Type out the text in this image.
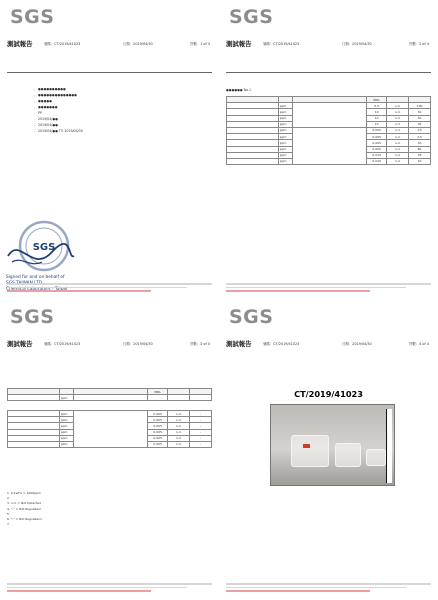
SGS
測試報告	號碼：CT/2019/41023	日期：2019/04/30	頁數：1 of 4
： ●●●●●●●●●●
： ●●●●●●●●●●●●●●
： ●●●●●
： ●●●●●●●
： PP
： 2019/04/●●
： 2019/04/●●
： 2019/04/●● TO 2019/04/30
SGS
Signed for and on behalf of
SGS
測試報告	號碼：CT/2019/41023	日期：2019/04/30	頁數：2 of 4
●●●●●● No.1
			MDL		
	ppm		0.5	n.d.	100
	ppm		10	n.d.	30
	ppm		10	n.d.	30
	ppm		10	n.d.	30
	ppm		0.005	n.d.	1.5
	ppm		0.005	n.d.	2.5
	ppm		0.005	n.d.	30
	ppm		0.005	n.d.	60
	ppm		0.010	n.d.	18
	ppm		0.010	n.d.	10
SGS
測試報告	號碼：CT/2019/41023	日期：2019/04/30	頁數：3 of 4
			MDL		
	ppm				
	ppm		0.005	n.d.	-
	ppm		0.005	n.d.	-
	ppm		0.005	n.d.	-
	ppm		0.005	n.d.	-
	ppm		0.005	n.d.	-
	ppm		0.005	n.d.	-
1. 0.1wt% = 1000ppm
2.
3. n.d. = Not Detected
4. "-" = Not Regulated
5.
6. "-" = Not Regulated /
7.
SGS
測試報告	號碼：CT/2019/41023	日期：2019/04/30	頁數：4 of 4
CT/2019/41023
